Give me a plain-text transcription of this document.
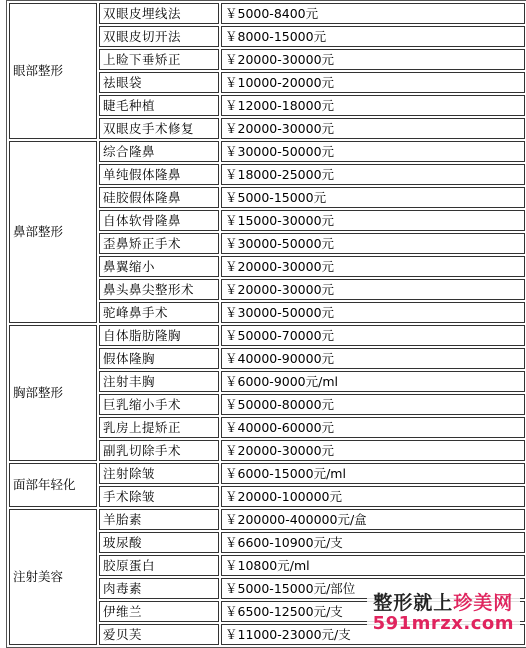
眼部整形	双眼皮埋线法	￥5000-8400元
	双眼皮切开法	￥8000-15000元
	上睑下垂矫正	￥20000-30000元
	祛眼袋	￥10000-20000元
	睫毛种植	￥12000-18000元
	双眼皮手术修复	￥20000-30000元
鼻部整形	综合隆鼻	￥30000-50000元
	单纯假体隆鼻	￥18000-25000元
	硅胶假体隆鼻	￥5000-15000元
	自体软骨隆鼻	￥15000-30000元
	歪鼻矫正手术	￥30000-50000元
	鼻翼缩小	￥20000-30000元
	鼻头鼻尖整形术	￥20000-30000元
	驼峰鼻手术	￥30000-50000元
胸部整形	自体脂肪隆胸	￥50000-70000元
	假体隆胸	￥40000-90000元
	注射丰胸	￥6000-9000元/ml
	巨乳缩小手术	￥50000-80000元
	乳房上提矫正	￥40000-60000元
	副乳切除手术	￥20000-30000元
面部年轻化	注射除皱	￥6000-15000元/ml
	手术除皱	￥20000-100000元
注射美容	羊胎素	￥200000-400000元/盒
	玻尿酸	￥6600-10900元/支
	胶原蛋白	￥10800元/ml
	肉毒素	￥5000-15000元/部位
	伊维兰	￥6500-12500元/支
	爱贝芙	￥11000-23000元/支
整形就上珍美网
591mrzx.com
